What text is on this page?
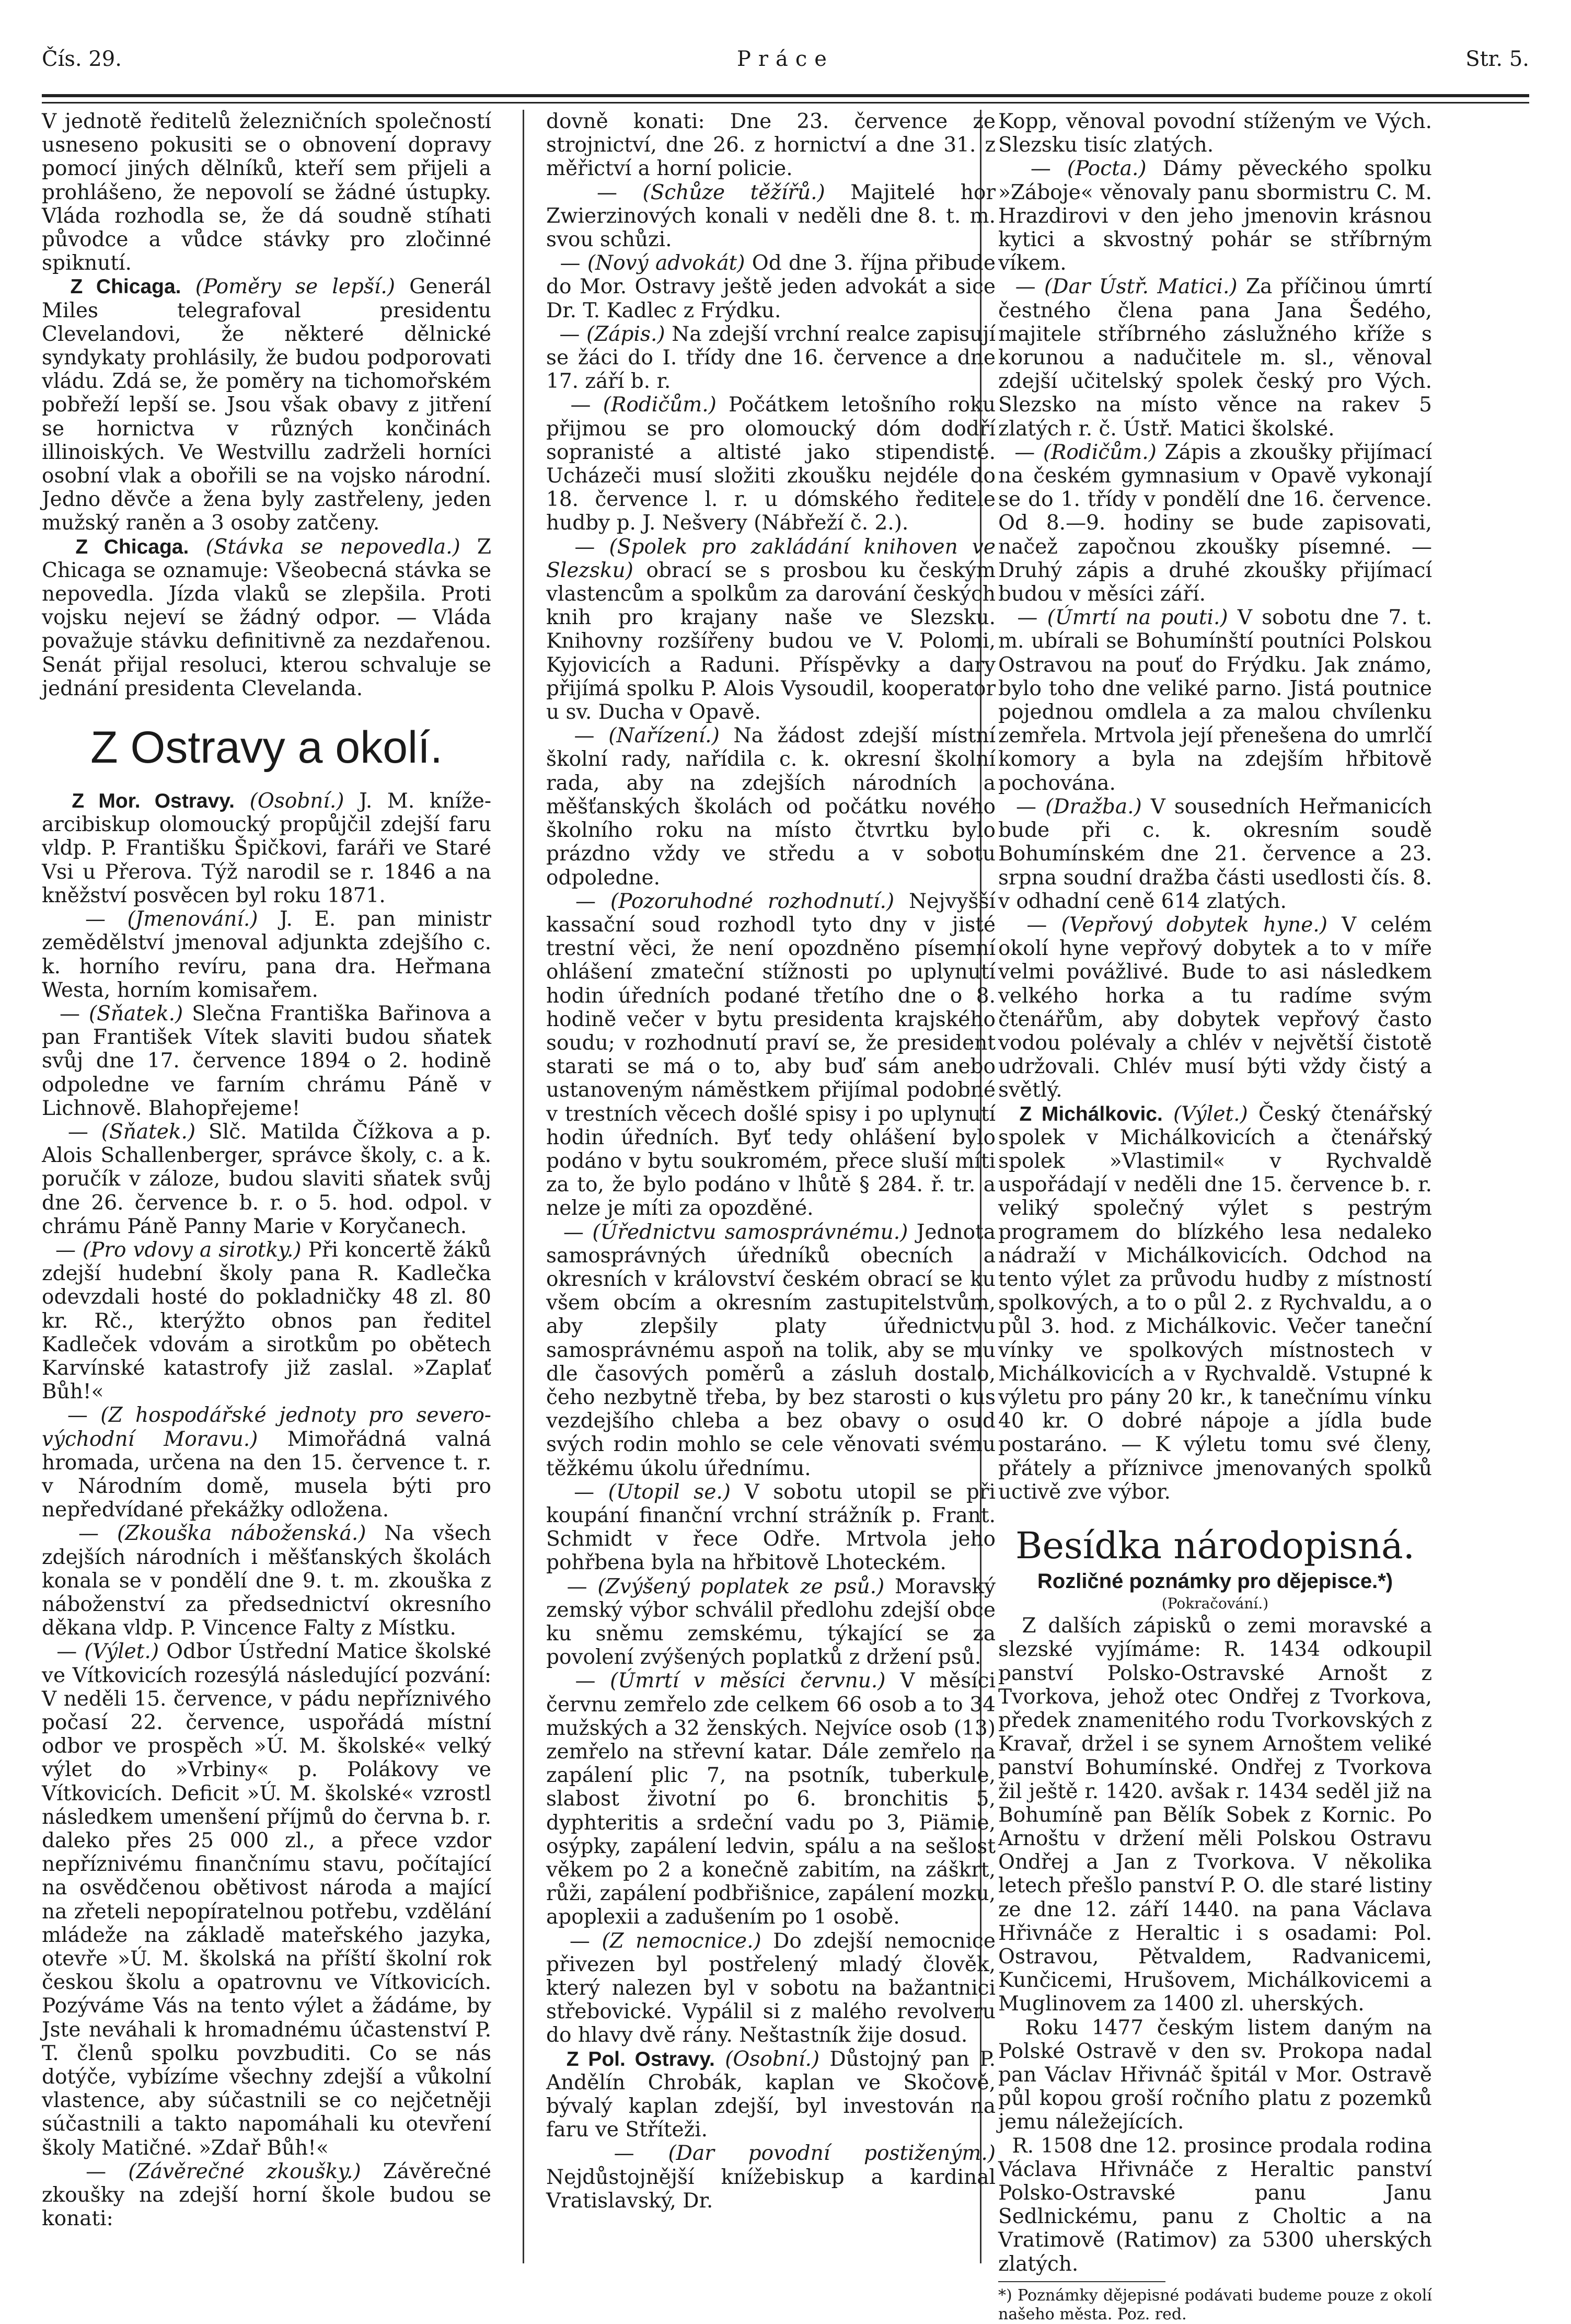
Čís. 29.	Práce	Str. 5.

V jednotě ředitelů železničních společností usneseno pokusiti se o obnovení dopravy pomocí jiných dělníků, kteří sem přijeli a prohlášeno, že nepovolí se žádné ústupky. Vláda rozhodla se, že dá soudně stíhati původce a vůdce stávky pro zločinné spiknutí.

Z Chicaga. (Poměry se lepší.) Generál Miles telegrafoval presidentu Clevelandovi, že některé dělnické syndykaty prohlásily, že budou podporovati vládu. Zdá se, že poměry na tichomořském pobřeží lepší se. Jsou však obavy z jitření se hornictva v různých končinách illinoiských. Ve Westvillu zadrželi horníci osobní vlak a obořili se na vojsko národní. Jedno děvče a žena byly zastřeleny, jeden mužský raněn a 3 osoby zatčeny.

Z Chicaga. (Stávka se nepovedla.) Z Chicaga se oznamuje: Všeobecná stávka se nepovedla. Jízda vlaků se zlepšila. Proti vojsku nejeví se žádný odpor. — Vláda považuje stávku definitivně za nezdařenou. Senát přijal resoluci, kterou schvaluje se jednání presidenta Clevelanda.

Z Ostravy a okolí.

Z Mor. Ostravy. (Osobní.) J. M. kníže-arcibiskup olomoucký propůjčil zdejší faru vldp. P. Františku Špičkovi, faráři ve Staré Vsi u Přerova. Týž narodil se r. 1846 a na kněžství posvěcen byl roku 1871.

— (Jmenování.) J. E. pan ministr zemědělství jmenoval adjunkta zdejšího c. k. horního revíru, pana dra. Heřmana Westa, horním komisařem.

— (Sňatek.) Slečna Františka Bařinova a pan František Vítek slaviti budou sňatek svůj dne 17. července 1894 o 2. hodině odpoledne ve farním chrámu Páně v Lichnově. Blahopřejeme!

— (Sňatek.) Slč. Matilda Čížkova a p. Alois Schallenberger, správce školy, c. a k. poručík v záloze, budou slaviti sňatek svůj dne 26. července b. r. o 5. hod. odpol. v chrámu Páně Panny Marie v Koryčanech.

— (Pro vdovy a sirotky.) Při koncertě žáků zdejší hudební školy pana R. Kadlečka odevzdali hosté do pokladničky 48 zl. 80 kr. Rč., kterýžto obnos pan ředitel Kadleček vdovám a sirotkům po obětech Karvínské katastrofy již zaslal. »Zaplať Bůh!«

— (Z hospodářské jednoty pro severo-východní Moravu.) Mimořádná valná hromada, určena na den 15. července t. r. v Národním domě, musela býti pro nepředvídané překážky odložena.

— (Zkouška náboženská.) Na všech zdejších národních i měšťanských školách konala se v pondělí dne 9. t. m. zkouška z náboženství za předsednictví okresního děkana vldp. P. Vincence Falty z Místku.

— (Výlet.) Odbor Ústřední Matice školské ve Vítkovicích rozesýlá následující pozvání: V neděli 15. července, v pádu nepříznivého počasí 22. července, uspořádá místní odbor ve prospěch »Ú. M. školské« velký výlet do »Vrbiny« p. Polákovy ve Vítkovicích. Deficit »Ú. M. školské« vzrostl následkem umenšení příjmů do června b. r. daleko přes 25 000 zl., a přece vzdor nepříznivému finančnímu stavu, počítající na osvědčenou obětivost národa a mající na zřeteli nepopíratelnou potřebu, vzdělání mládeže na základě mateřského jazyka, otevře »Ú. M. školská na příští školní rok českou školu a opatrovnu ve Vítkovicích. Pozýváme Vás na tento výlet a žádáme, by Jste neváhali k hromadnému účastenství P. T. členů spolku povzbuditi. Co se nás dotýče, vybízíme všechny zdejší a vůkolní vlastence, aby súčastnili se co nejčetněji súčastnili a takto napomáhali ku otevření školy Matičné. »Zdař Bůh!«

— (Závěrečné zkoušky.) Závěrečné zkoušky na zdejší horní škole budou se konati:

dovně konati: Dne 23. července ze strojnictví, dne 26. z hornictví a dne 31. z měřictví a horní policie.

— (Schůze těžířů.) Majitelé hor Zwierzinových konali v neděli dne 8. t. m. svou schůzi.

— (Nový advokát) Od dne 3. října přibude do Mor. Ostravy ještě jeden advokát a sice Dr. T. Kadlec z Frýdku.

— (Zápis.) Na zdejší vrchní realce zapisují se žáci do I. třídy dne 16. července a dne 17. září b. r.

— (Rodičům.) Počátkem letošního roku přijmou se pro olomoucký dóm dodří sopranisté a altisté jako stipendisté. Ucházeči musí složiti zkoušku nejdéle do 18. července l. r. u dómského ředitele hudby p. J. Nešvery (Nábřeží č. 2.).

— (Spolek pro zakládání knihoven ve Slezsku) obrací se s prosbou ku českým vlastencům a spolkům za darování českých knih pro krajany naše ve Slezsku. Knihovny rozšířeny budou ve V. Polomi, Kyjovicích a Raduni. Příspěvky a dary přijímá spolku P. Alois Vysoudil, kooperator u sv. Ducha v Opavě.

— (Nařízení.) Na žádost zdejší místní školní rady, nařídila c. k. okresní školní rada, aby na zdejších národních a měšťanských školách od počátku nového školního roku na místo čtvrtku bylo prázdno vždy ve středu a v sobotu odpoledne.

— (Pozoruhodné rozhodnutí.) Nejvyšší kassační soud rozhodl tyto dny v jisté trestní věci, že není opozdněno písemní ohlášení zmateční stížnosti po uplynutí hodin úředních podané třetího dne o 8. hodině večer v bytu presidenta krajského soudu; v rozhodnutí praví se, že president starati se má o to, aby buď sám anebo ustanoveným náměstkem přijímal podobné v trestních věcech došlé spisy i po uplynutí hodin úředních. Byť tedy ohlášení bylo podáno v bytu soukromém, přece sluší míti za to, že bylo podáno v lhůtě § 284. ř. tr. a nelze je míti za opozděné.

— (Úřednictvu samosprávnému.) Jednota samosprávných úředníků obecních a okresních v království českém obrací se ku všem obcím a okresním zastupitelstvům, aby zlepšily platy úřednictvu samosprávnému aspoň na tolik, aby se mu dle časových poměrů a zásluh dostalo, čeho nezbytně třeba, by bez starosti o kus vezdejšího chleba a bez obavy o osud svých rodin mohlo se cele věnovati svému těžkému úkolu úřednímu.

— (Utopil se.) V sobotu utopil se při koupání finanční vrchní strážník p. Frant. Schmidt v řece Odře. Mrtvola jeho pohřbena byla na hřbitově Lhoteckém.

— (Zvýšený poplatek ze psů.) Moravský zemský výbor schválil předlohu zdejší obce ku sněmu zemskému, týkající se za povolení zvýšených poplatků z držení psů.

— (Úmrtí v měsíci červnu.) V měsíci červnu zemřelo zde celkem 66 osob a to 34 mužských a 32 ženských. Nejvíce osob (13) zemřelo na střevní katar. Dále zemřelo na zapálení plic 7, na psotník, tuberkule, slabost životní po 6. bronchitis 5, dyphteritis a srdeční vadu po 3, Piämie, osýpky, zapálení ledvin, spálu a na sešlost věkem po 2 a konečně zabitím, na záškrt, růži, zapálení podbřišnice, zapálení mozku, apoplexii a zadušením po 1 osobě.

— (Z nemocnice.) Do zdejší nemocnice přivezen byl postřelený mladý člověk, který nalezen byl v sobotu na bažantnici střebovické. Vypálil si z malého revolveru do hlavy dvě rány. Neštastník žije dosud.

Z Pol. Ostravy. (Osobní.) Důstojný pan P. Andělín Chrobák, kaplan ve Skočově, bývalý kaplan zdejší, byl investován na faru ve Stříteži.

— (Dar povodní postiženým.) Nejdůstojnější knížebiskup a kardinal Vratislavský, Dr.

Kopp, věnoval povodní stíženým ve Vých. Slezsku tisíc zlatých.

— (Pocta.) Dámy pěveckého spolku »Záboje« věnovaly panu sbormistru C. M. Hrazdirovi v den jeho jmenovin krásnou kytici a skvostný pohár se stříbrným víkem.

— (Dar Ústř. Matici.) Za příčinou úmrtí čestného člena pana Jana Šedého, majitele stříbrného záslužného kříže s korunou a nadučitele m. sl., věnoval zdejší učitelský spolek český pro Vých. Slezsko na místo věnce na rakev 5 zlatých r. č. Ústř. Matici školské.

— (Rodičům.) Zápis a zkoušky přijímací na českém gymnasium v Opavě vykonají se do 1. třídy v pondělí dne 16. července. Od 8.—9. hodiny se bude zapisovati, načež započnou zkoušky písemné. — Druhý zápis a druhé zkoušky přijímací budou v měsíci září.

— (Úmrtí na pouti.) V sobotu dne 7. t. m. ubírali se Bohumínští poutníci Polskou Ostravou na pouť do Frýdku. Jak známo, bylo toho dne veliké parno. Jistá poutnice pojednou omdlela a za malou chvílenku zemřela. Mrtvola její přenešena do umrlčí komory a byla na zdejším hřbitově pochována.

— (Dražba.) V sousedních Heřmanicích bude při c. k. okresním soudě Bohumínském dne 21. července a 23. srpna soudní dražba části usedlosti čís. 8. v odhadní ceně 614 zlatých.

— (Vepřový dobytek hyne.) V celém okolí hyne vepřový dobytek a to v míře velmi povážlivé. Bude to asi následkem velkého horka a tu radíme svým čtenářům, aby dobytek vepřový často vodou polévaly a chlév v největší čistotě udržovali. Chlév musí býti vždy čistý a světlý.

Z Michálkovic. (Výlet.) Český čtenářský spolek v Michálkovicích a čtenářský spolek »Vlastimil« v Rychvaldě uspořádají v neděli dne 15. července b. r. veliký společný výlet s pestrým programem do blízkého lesa nedaleko nádraží v Michálkovicích. Odchod na tento výlet za průvodu hudby z místností spolkových, a to o půl 2. z Rychvaldu, a o půl 3. hod. z Michálkovic. Večer taneční vínky ve spolkových místnostech v Michálkovicích a v Rychvaldě. Vstupné k výletu pro pány 20 kr., k tanečnímu vínku 40 kr. O dobré nápoje a jídla bude postaráno. — K výletu tomu své členy, přátely a příznivce jmenovaných spolků uctivě zve výbor.

Besídka národopisná.
Rozličné poznámky pro dějepisce.*)
(Pokračování.)

Z dalších zápisků o zemi moravské a slezské vyjímáme: R. 1434 odkoupil panství Polsko-Ostravské Arnošt z Tvorkova, jehož otec Ondřej z Tvorkova, předek znamenitého rodu Tvorkovských z Kravař, držel i se synem Arnoštem veliké panství Bohumínské. Ondřej z Tvorkova žil ještě r. 1420. avšak r. 1434 seděl již na Bohumíně pan Bělík Sobek z Kornic. Po Arnoštu v držení měli Polskou Ostravu Ondřej a Jan z Tvorkova. V několika letech přešlo panství P. O. dle staré listiny ze dne 12. září 1440. na pana Václava Hřivnáče z Heraltic i s osadami: Pol. Ostravou, Pětvaldem, Radvanicemi, Kunčicemi, Hrušovem, Michálkovicemi a Muglinovem za 1400 zl. uherských.

Roku 1477 českým listem daným na Polské Ostravě v den sv. Prokopa nadal pan Václav Hřivnáč špitál v Mor. Ostravě půl kopou groší ročního platu z pozemků jemu náležejících.

R. 1508 dne 12. prosince prodala rodina Václava Hřivnáče z Heraltic panství Polsko-Ostravské panu Janu Sedlnickému, panu z Choltic a na Vratimově (Ratimov) za 5300 uherských zlatých.

*) Poznámky dějepisné podávati budeme pouze z okolí našeho města. Poz. red.
